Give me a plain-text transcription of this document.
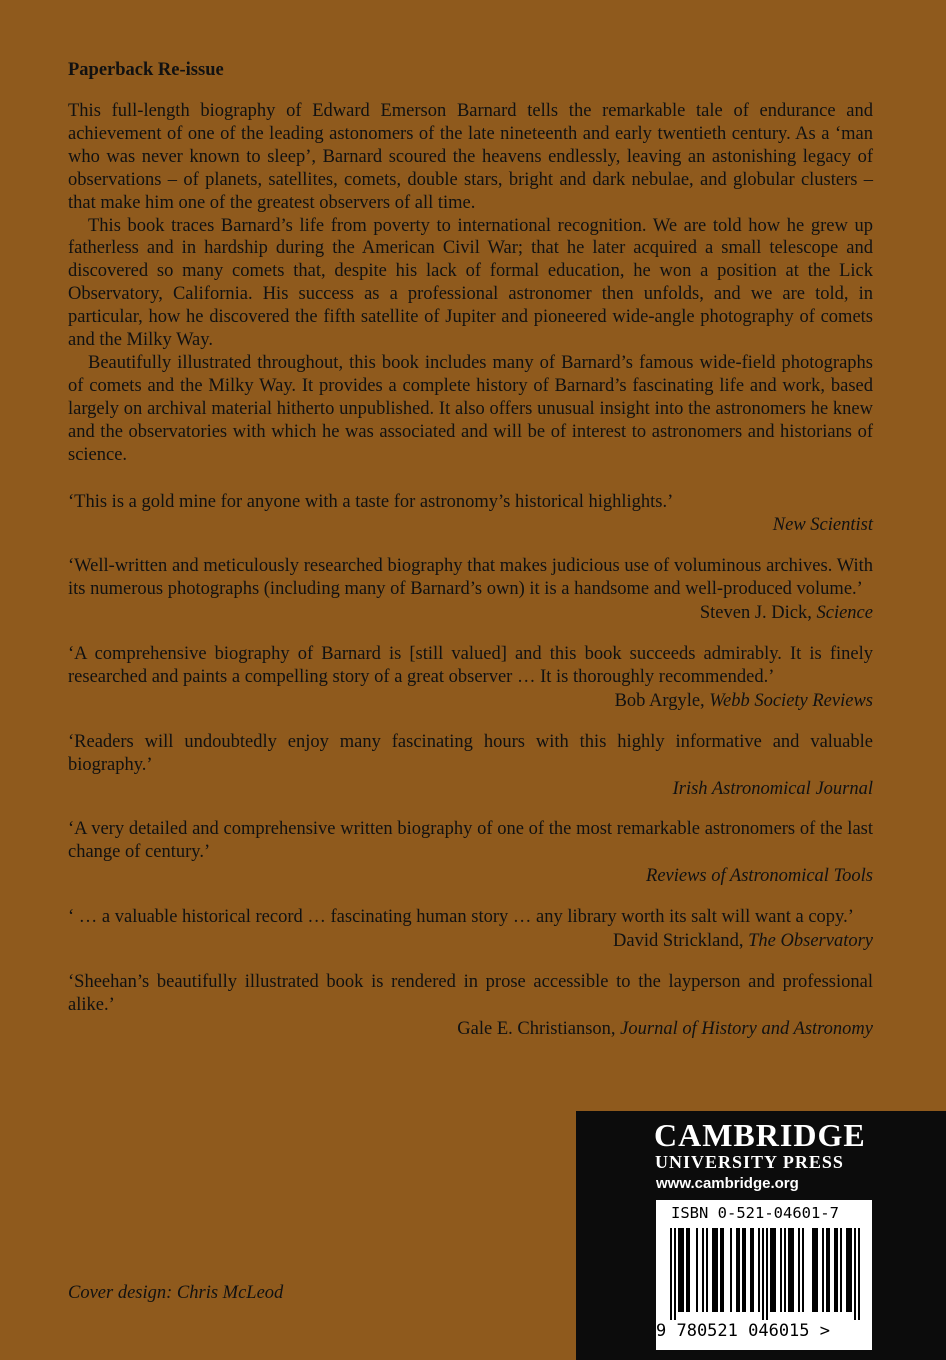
Paperback Re-issue

This full-length biography of Edward Emerson Barnard tells the remarkable tale of endurance and achievement of one of the leading astonomers of the late nineteenth and early twentieth century. As a ‘man who was never known to sleep’, Barnard scoured the heavens endlessly, leaving an astonishing legacy of observations – of planets, satellites, comets, double stars, bright and dark nebulae, and globular clusters – that make him one of the greatest observers of all time.

This book traces Barnard’s life from poverty to international recognition. We are told how he grew up fatherless and in hardship during the American Civil War; that he later acquired a small telescope and discovered so many comets that, despite his lack of formal education, he won a position at the Lick Observatory, California. His success as a professional astronomer then unfolds, and we are told, in particular, how he discovered the fifth satellite of Jupiter and pioneered wide-angle photography of comets and the Milky Way.

Beautifully illustrated throughout, this book includes many of Barnard’s famous wide-field photographs of comets and the Milky Way. It provides a complete history of Barnard’s fascinating life and work, based largely on archival material hitherto unpublished. It also offers unusual insight into the astronomers he knew and the observatories with which he was associated and will be of interest to astronomers and historians of science.

‘This is a gold mine for anyone with a taste for astronomy’s historical highlights.’
New Scientist
‘Well-written and meticulously researched biography that makes judicious use of voluminous archives. With its numerous photographs (including many of Barnard’s own) it is a handsome and well-produced volume.’
Steven J. Dick, Science
‘A comprehensive biography of Barnard is [still valued] and this book succeeds admirably. It is finely researched and paints a compelling story of a great observer … It is thoroughly recommended.’
Bob Argyle, Webb Society Reviews
‘Readers will undoubtedly enjoy many fascinating hours with this highly informative and valuable biography.’
Irish Astronomical Journal
‘A very detailed and comprehensive written biography of one of the most remarkable astronomers of the last change of century.’
Reviews of Astronomical Tools
‘ … a valuable historical record … fascinating human story … any library worth its salt will want a copy.’
David Strickland, The Observatory
‘Sheehan’s beautifully illustrated book is rendered in prose accessible to the layperson and professional alike.’
Gale E. Christianson, Journal of History and Astronomy
Cover design: Chris McLeod
CAMBRIDGE
UNIVERSITY PRESS
www.cambridge.org
ISBN 0-521-04601-7
9 780521 046015 >
